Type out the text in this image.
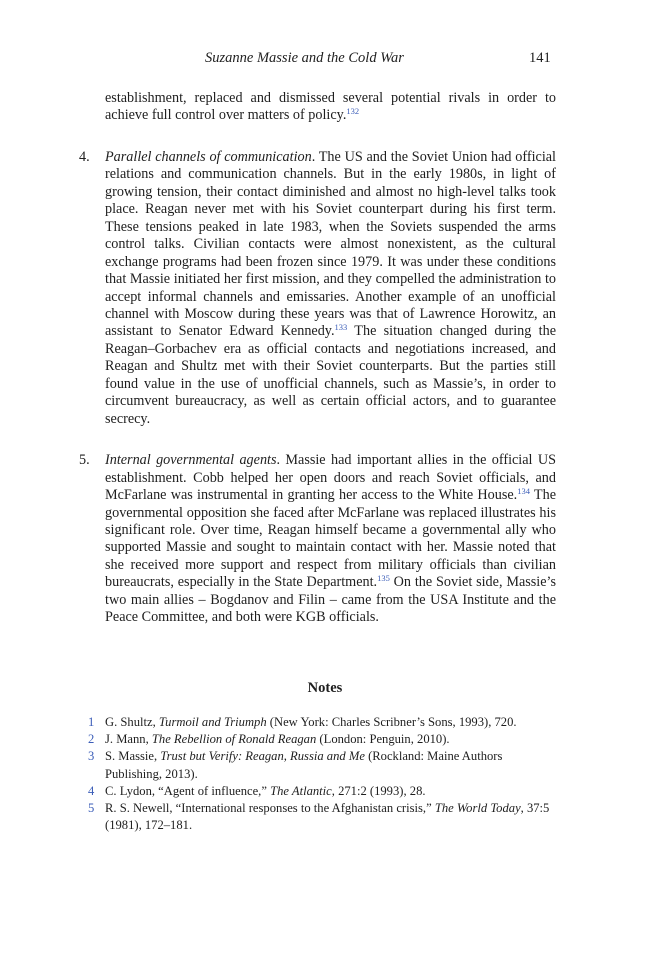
Suzanne Massie and the Cold War	141

establishment, replaced and dismissed several potential rivals in order to achieve full control over matters of policy.$^{132}$

4.	Parallel channels of communication. The US and the Soviet Union had official relations and communication channels. But in the early 1980s, in light of growing tension, their contact diminished and almost no high-level talks took place. Reagan never met with his Soviet counterpart during his first term. These tensions peaked in late 1983, when the Soviets suspended the arms control talks. Civilian contacts were almost nonexistent, as the cultural exchange programs had been frozen since 1979. It was under these conditions that Massie initiated her first mission, and they compelled the administration to accept informal channels and emissaries. Another example of an unofficial channel with Moscow during these years was that of Lawrence Horowitz, an assistant to Senator Edward Kennedy.$^{133}$ The situation changed during the Reagan–Gorbachev era as official contacts and negotiations increased, and Reagan and Shultz met with their Soviet counterparts. But the parties still found value in the use of unofficial channels, such as Massie’s, in order to circumvent bureaucracy, as well as certain official actors, and to guarantee secrecy.

5.	Internal governmental agents. Massie had important allies in the official US establishment. Cobb helped her open doors and reach Soviet officials, and McFarlane was instrumental in granting her access to the White House.$^{134}$ The governmental opposition she faced after McFarlane was replaced illustrates his significant role. Over time, Reagan himself became a governmental ally who supported Massie and sought to maintain contact with her. Massie noted that she received more support and respect from military officials than civilian bureaucrats, especially in the State Department.$^{135}$ On the Soviet side, Massie’s two main allies – Bogdanov and Filin – came from the USA Institute and the Peace Committee, and both were KGB officials.

Notes
1 G. Shultz, Turmoil and Triumph (New York: Charles Scribner’s Sons, 1993), 720.
2 J. Mann, The Rebellion of Ronald Reagan (London: Penguin, 2010).
3 S. Massie, Trust but Verify: Reagan, Russia and Me (Rockland: Maine Authors Publishing, 2013).
4 C. Lydon, “Agent of influence,” The Atlantic, 271:2 (1993), 28.
5 R. S. Newell, “International responses to the Afghanistan crisis,” The World Today, 37:5 (1981), 172–181.
